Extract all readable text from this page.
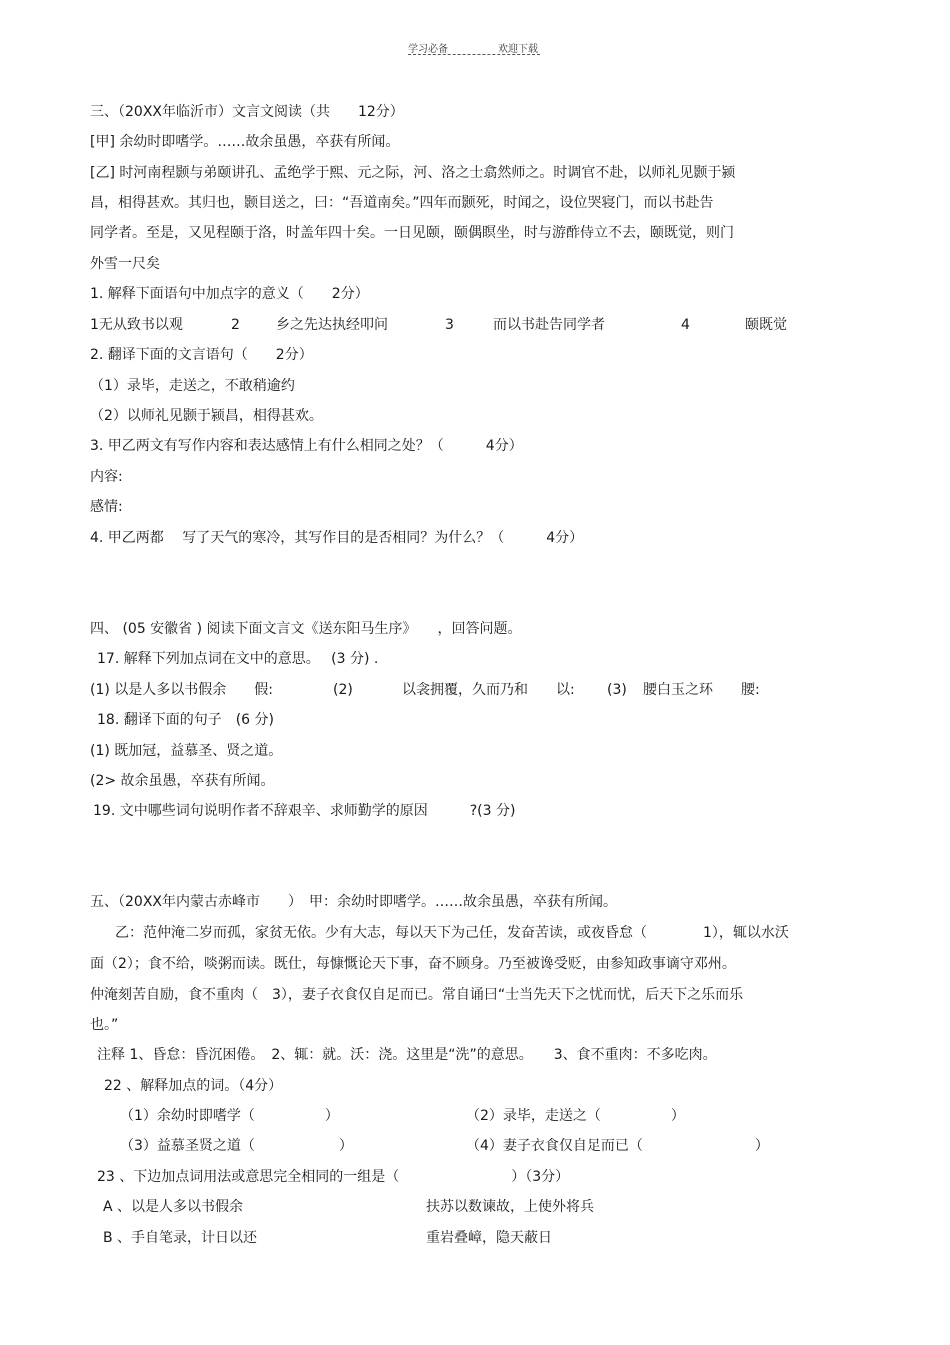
学习必备	欢迎下载
三、（20XX年临沂市）文言文阅读（共　　12分）
[甲] 余幼时即嗜学。……故余虽愚，卒获有所闻。
[乙] 时河南程颢与弟颐讲孔、孟绝学于熙、元之际，河、洛之士翕然师之。时调官不赴，以师礼见颢于颍
昌，相得甚欢。其归也，颢目送之，曰：“吾道南矣。”四年而颢死，时闻之，设位哭寝门，而以书赴告
同学者。至是，又见程颐于洛，时盖年四十矣。一日见颐，颐偶瞑坐，时与游酢侍立不去，颐既觉，则门
外雪一尺矣
1. 解释下面语句中加点字的意义（　　2分）
1无从致书以观	2	乡之先达执经叩问	3	而以书赴告同学者	4	颐既觉
2. 翻译下面的文言语句（　　2分）
（1）录毕，走送之，不敢稍逾约
（2）以师礼见颢于颍昌，相得甚欢。
3. 甲乙两文有写作内容和表达感情上有什么相同之处？（　　　4分）
内容:
感情:
4. 甲乙两都　 写了天气的寒冷，其写作目的是否相同？为什么？（　　　4分）
四、 (05 安徽省 ) 阅读下面文言文《送东阳马生序》　　，回答问题。
17. 解释下列加点词在文中的意思。　 (3 分) .
(1) 以是人多以书假余　　假:	(2)	以衾拥覆，久而乃和　　以: (3) 腰白玉之环　　腰:
18. 翻译下面的句子　(6 分)
(1) 既加冠，益慕圣、贤之道。
(2> 故余虽愚，卒获有所闻。
19. 文中哪些词句说明作者不辞艰辛、求师勤学的原因　　　?(3 分)
五、（20XX年内蒙古赤峰市　　）　甲：余幼时即嗜学。……故余虽愚，卒获有所闻。
乙：范仲淹二岁而孤，家贫无依。少有大志，每以天下为己任，发奋苦读，或夜昏怠（　　　　1），辄以水沃
面（2）；食不给，啖粥而读。既仕，每慷慨论天下事，奋不顾身。乃至被谗受贬，由参知政事谪守邓州。
仲淹刻苦自励，食不重肉（　3），妻子衣食仅自足而已。常自诵曰“士当先天下之忧而忧，后天下之乐而乐
也。”
注释 1、昏怠：昏沉困倦。　2、辄：就。沃：浇。这里是“洗”的意思。　　3、食不重肉：不多吃肉。
22 、解释加点的词。（4分）
（1）余幼时即嗜学（　　　　　）	（2）录毕，走送之（　　　　　）
（3）益慕圣贤之道（　　　　　　）	（4）妻子衣食仅自足而已（　　　　　　　　）
23 、下边加点词用法或意思完全相同的一组是（　　　　　　　　）（3分）
A 、以是人多以书假余	扶苏以数谏故，上使外将兵
B 、手自笔录，计日以还	重岩叠嶂，隐天蔽日
